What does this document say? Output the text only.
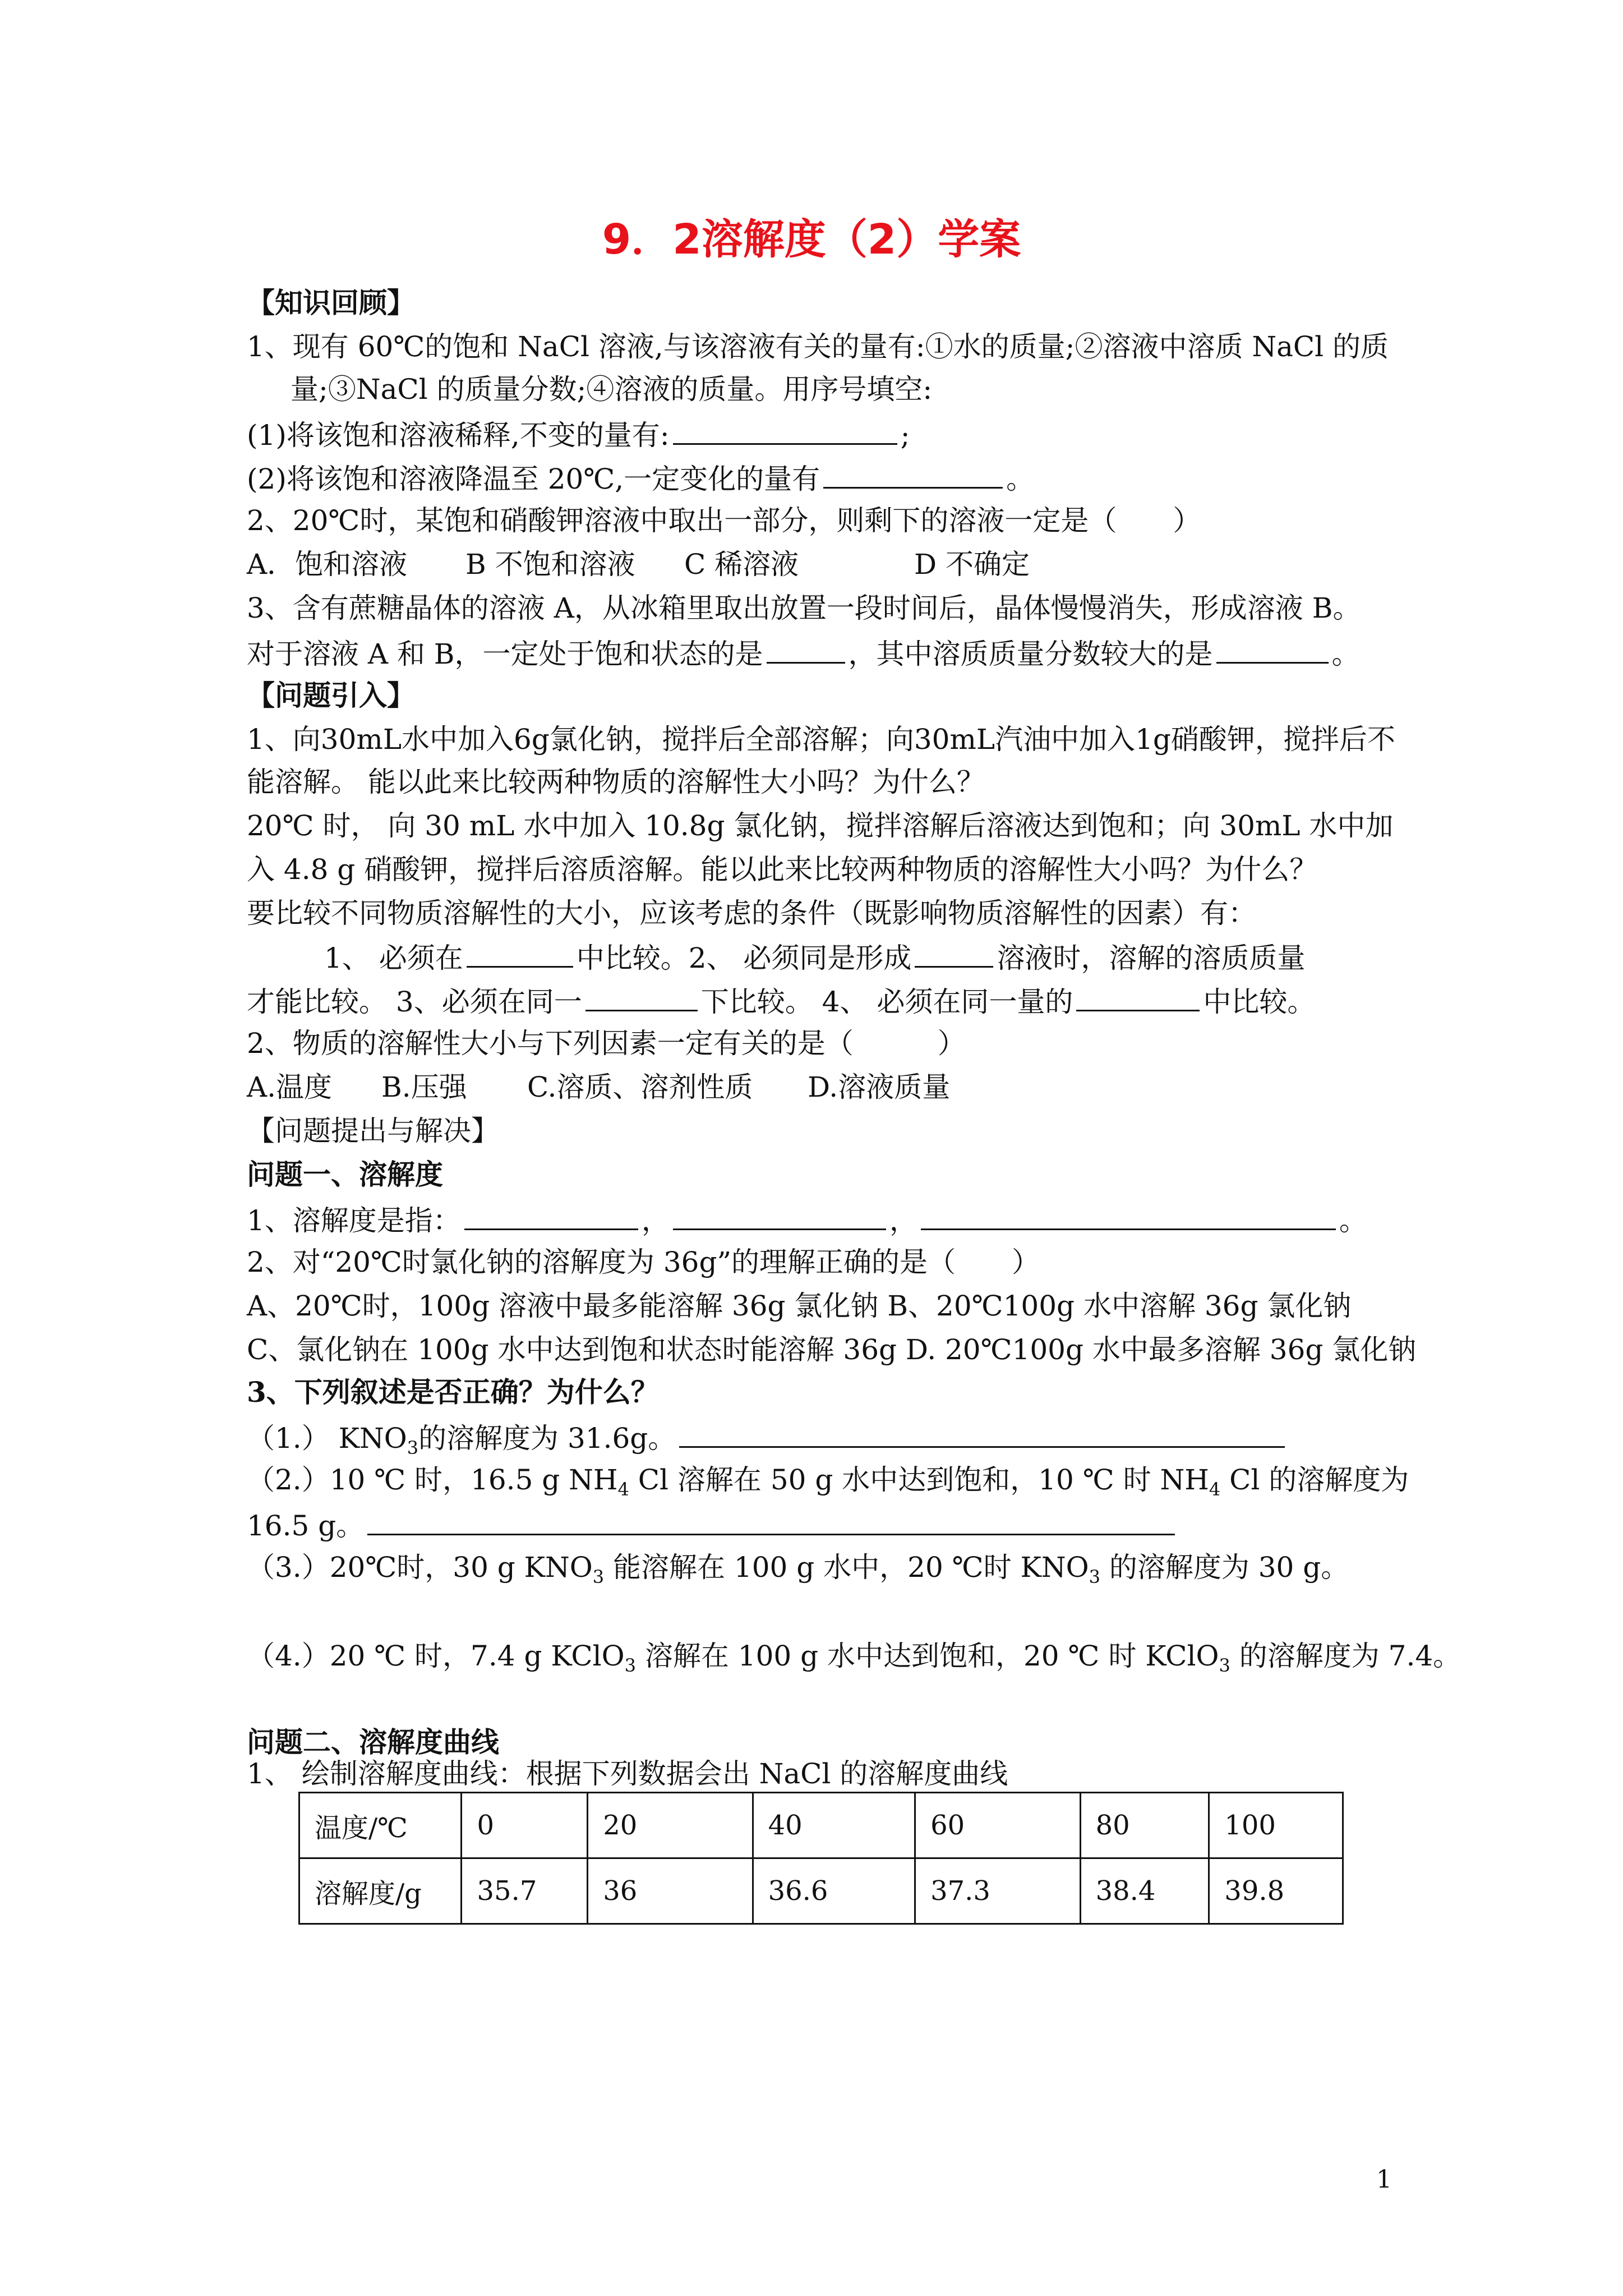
9．2溶解度（2）学案
【知识回顾】
1、现有 60℃的饱和 NaCl 溶液,与该溶液有关的量有:①水的质量;②溶液中溶质 NaCl 的质
量;③NaCl 的质量分数;④溶液的质量。用序号填空:
(1)将该饱和溶液稀释,不变的量有:	;
(2)将该饱和溶液降温至 20℃,一定变化的量有	。
2、20℃时，某饱和硝酸钾溶液中取出一部分，则剩下的溶液一定是（　　）
A．饱和溶液 B 不饱和溶液 C 稀溶液	D 不确定
3、含有蔗糖晶体的溶液 A，从冰箱里取出放置一段时间后，晶体慢慢消失，形成溶液 B。
对于溶液 A 和 B，一定处于饱和状态的是	，其中溶质质量分数较大的是	。
【问题引入】
1、向30mL水中加入6g氯化钠，搅拌后全部溶解；向30mL汽油中加入1g硝酸钾，搅拌后不
能溶解。 能以此来比较两种物质的溶解性大小吗？为什么？
20℃ 时， 向 30 mL 水中加入 10.8g 氯化钠，搅拌溶解后溶液达到饱和；向 30mL 水中加
入 4.8 g 硝酸钾，搅拌后溶质溶解。能以此来比较两种物质的溶解性大小吗？为什么？
要比较不同物质溶解性的大小，应该考虑的条件（既影响物质溶解性的因素）有：
1、 必须在	中比较。2、 必须同是形成	溶液时，溶解的溶质质量
才能比较。 3、必须在同一	下比较。 4、 必须在同一量的	中比较。
2、物质的溶解性大小与下列因素一定有关的是（　　　）
A.温度 B.压强 C.溶质、溶剂性质 D.溶液质量
【问题提出与解决】
问题一、溶解度
1、溶解度是指：	，	，	。
2、对“20℃时氯化钠的溶解度为 36g”的理解正确的是（　　）
A、20℃时，100g 溶液中最多能溶解 36g 氯化钠 B、20℃100g 水中溶解 36g 氯化钠
C、氯化钠在 100g 水中达到饱和状态时能溶解 36g D. 20℃100g 水中最多溶解 36g 氯化钠
3、下列叙述是否正确？为什么？
（1.） $KNO_3$的溶解度为 31.6g。
（2.）10 ℃ 时，16.5 g $NH_4$ Cl 溶解在 50 g 水中达到饱和，10 ℃ 时 $NH_4$ Cl 的溶解度为
16.5 g。
（3.）20℃时，30 g $KNO_3$ 能溶解在 100 g 水中，20 ℃时 $KNO_3$ 的溶解度为 30 g。
（4.）20 ℃ 时，7.4 g KClO$_3$ 溶解在 100 g 水中达到饱和，20 ℃ 时 KClO$_3$ 的溶解度为 7.4。
问题二、溶解度曲线
1、 绘制溶解度曲线：根据下列数据会出 NaCl 的溶解度曲线
温度/℃	0	20	40	60	80	100
溶解度/g	35.7	36	36.6	37.3	38.4	39.8
1
